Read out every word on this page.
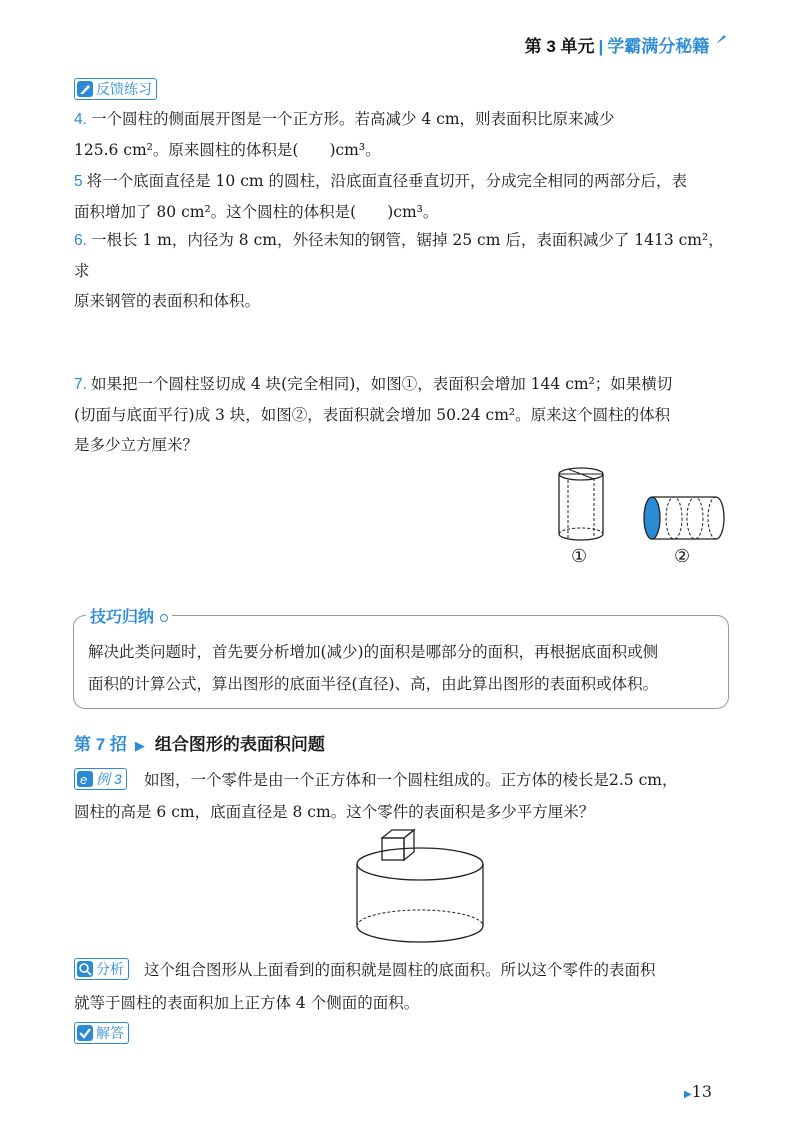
第 3 单元 | 学霸满分秘籍
反馈练习
4. 一个圆柱的侧面展开图是一个正方形。若高减少 4 cm，则表面积比原来减少
125.6 cm²。原来圆柱的体积是(　　)cm³。
5 将一个底面直径是 10 cm 的圆柱，沿底面直径垂直切开，分成完全相同的两部分后，表
面积增加了 80 cm²。这个圆柱的体积是(　　)cm³。
6. 一根长 1 m，内径为 8 cm，外径未知的钢管，锯掉 25 cm 后，表面积减少了 1413 cm²，求
原来钢管的表面积和体积。
7. 如果把一个圆柱竖切成 4 块(完全相同)，如图①，表面积会增加 144 cm²；如果横切
(切面与底面平行)成 3 块，如图②，表面积就会增加 50.24 cm²。原来这个圆柱的体积
是多少立方厘米？
①	②
技巧归纳
解决此类问题时，首先要分析增加(减少)的面积是哪部分的面积，再根据底面积或侧
面积的计算公式，算出图形的底面半径(直径)、高，由此算出图形的表面积或体积。
第 7 招 ▶ 组合图形的表面积问题
e 例 3 如图，一个零件是由一个正方体和一个圆柱组成的。正方体的棱长是2.5 cm，
圆柱的高是 6 cm，底面直径是 8 cm。这个零件的表面积是多少平方厘米？
分析 这个组合图形从上面看到的面积就是圆柱的底面积。所以这个零件的表面积
就等于圆柱的表面积加上正方体 4 个侧面的面积。
解答
▶13
